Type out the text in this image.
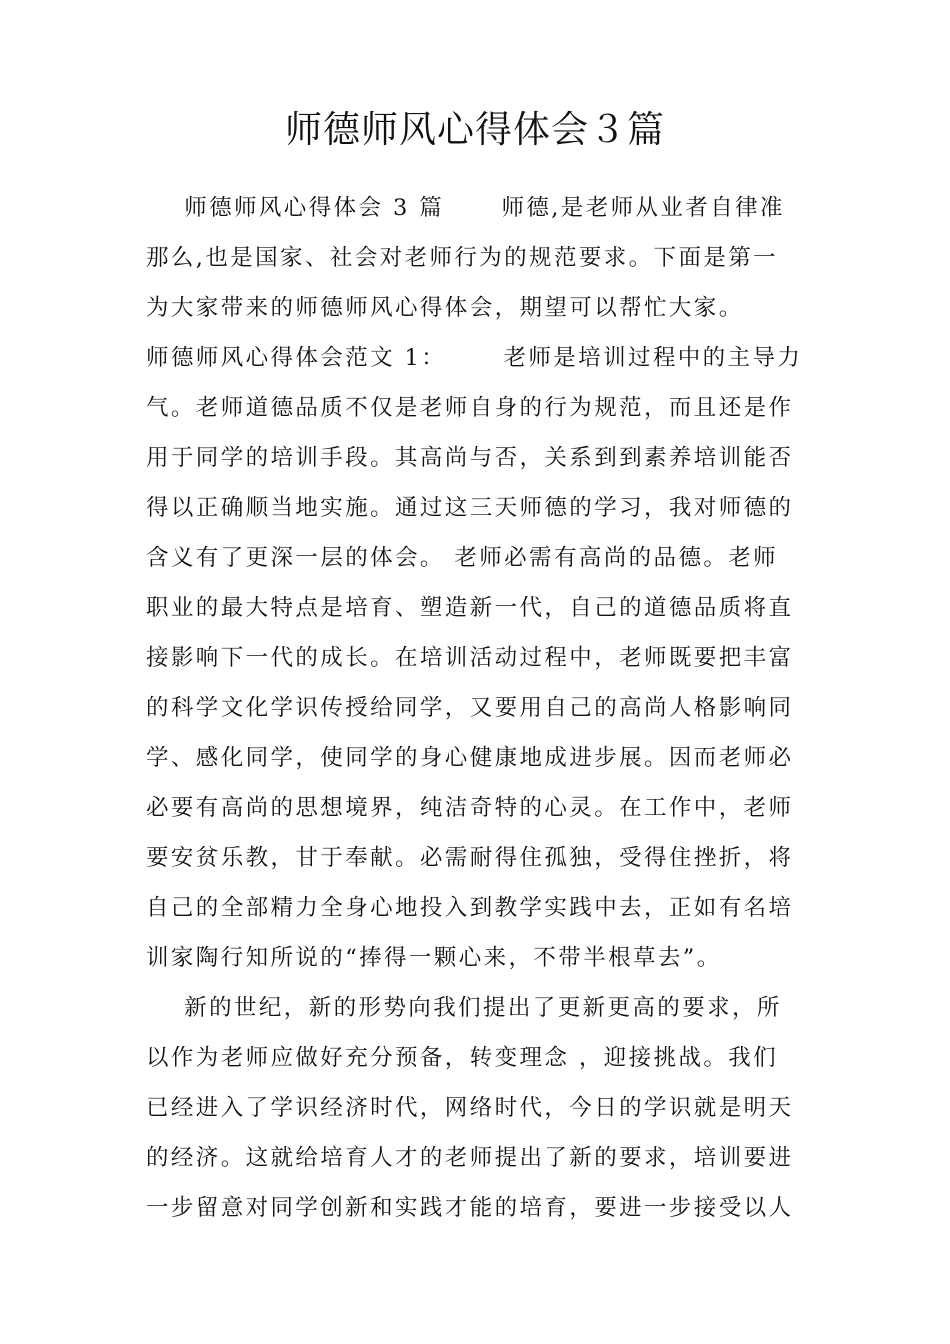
师德师风心得体会３篇
师德师风心得体会 3 篇      师德,是老师从业者自律准
那么,也是国家、社会对老师行为的规范要求。下面是第一
为大家带来的师德师风心得体会，期望可以帮忙大家。
师德师风心得体会范文 1：      老师是培训过程中的主导力
气。老师道德品质不仅是老师自身的行为规范，而且还是作
用于同学的培训手段。其高尚与否，关系到到素养培训能否
得以正确顺当地实施。通过这三天师德的学习，我对师德的
含义有了更深一层的体会。 老师必需有高尚的品德。老师
职业的最大特点是培育、塑造新一代，自己的道德品质将直
接影响下一代的成长。在培训活动过程中，老师既要把丰富
的科学文化学识传授给同学，又要用自己的高尚人格影响同
学、感化同学，使同学的身心健康地成进步展。因而老师必
必要有高尚的思想境界，纯洁奇特的心灵。在工作中，老师
要安贫乐教，甘于奉献。必需耐得住孤独，受得住挫折，将
自己的全部精力全身心地投入到教学实践中去，正如有名培
训家陶行知所说的“捧得一颗心来，不带半根草去”。
新的世纪，新的形势向我们提出了更新更高的要求，所
以作为老师应做好充分预备，转变理念 ，迎接挑战。我们
已经进入了学识经济时代，网络时代，今日的学识就是明天
的经济。这就给培育人才的老师提出了新的要求，培训要进
一步留意对同学创新和实践才能的培育，要进一步接受以人
